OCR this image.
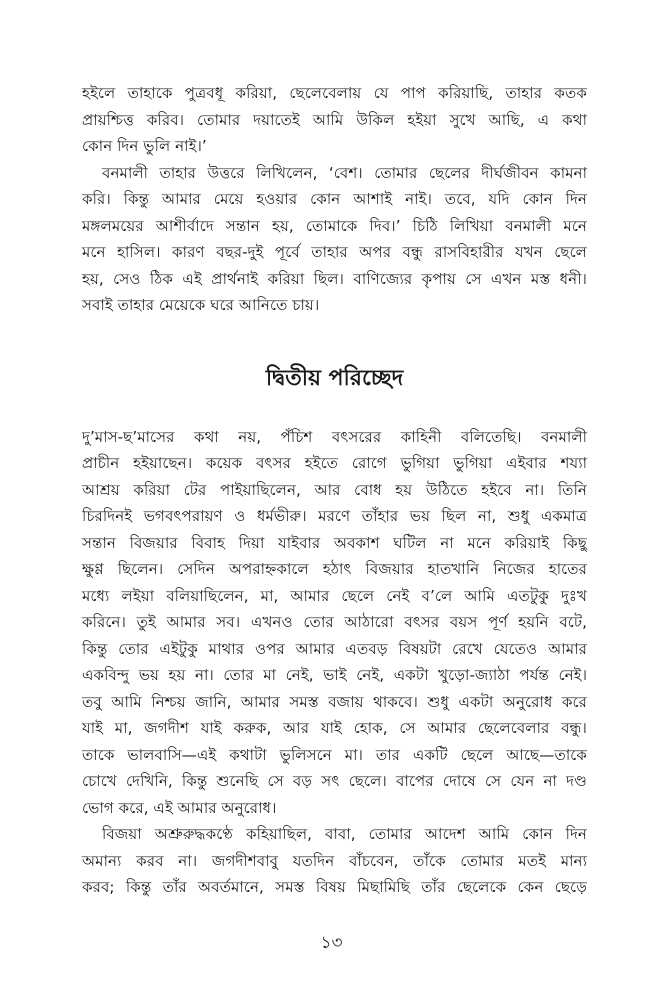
হইলে তাহাকে পুত্রবধূ করিয়া, ছেলেবেলায় যে পাপ করিয়াছি, তাহার কতক
প্রায়শ্চিত্ত করিব। তোমার দয়াতেই আমি উকিল হইয়া সুখে আছি, এ কথা
কোন দিন ভুলি নাই।’

বনমালী তাহার উত্তরে লিখিলেন, ‘বেশ। তোমার ছেলের দীর্ঘজীবন কামনা
করি। কিন্তু আমার মেয়ে হওয়ার কোন আশাই নাই। তবে, যদি কোন দিন
মঙ্গলময়ের আশীর্বাদে সন্তান হয়, তোমাকে দিব।’ চিঠি লিখিয়া বনমালী মনে
মনে হাসিল। কারণ বছর-দুই পূর্বে তাহার অপর বন্ধু রাসবিহারীর যখন ছেলে
হয়, সেও ঠিক এই প্রার্থনাই করিয়া ছিল। বাণিজ্যের কৃপায় সে এখন মস্ত ধনী।
সবাই তাহার মেয়েকে ঘরে আনিতে চায়।

দ্বিতীয় পরিচ্ছেদ

দু’মাস-ছ’মাসের কথা নয়, পঁচিশ বৎসরের কাহিনী বলিতেছি। বনমালী
প্রাচীন হইয়াছেন। কয়েক বৎসর হইতে রোগে ভুগিয়া ভুগিয়া এইবার শয্যা
আশ্রয় করিয়া টের পাইয়াছিলেন, আর বোধ হয় উঠিতে হইবে না। তিনি
চিরদিনই ভগবৎপরায়ণ ও ধর্মভীরু। মরণে তাঁহার ভয় ছিল না, শুধু একমাত্র
সন্তান বিজয়ার বিবাহ দিয়া যাইবার অবকাশ ঘটিল না মনে করিয়াই কিছু
ক্ষুণ্ণ ছিলেন। সেদিন অপরাহ্নকালে হঠাৎ বিজয়ার হাতখানি নিজের হাতের
মধ্যে লইয়া বলিয়াছিলেন, মা, আমার ছেলে নেই ব’লে আমি এতটুকু দুঃখ
করিনে। তুই আমার সব। এখনও তোর আঠারো বৎসর বয়স পূর্ণ হয়নি বটে,
কিন্তু তোর এইটুকু মাথার ওপর আমার এতবড় বিষয়টা রেখে যেতেও আমার
একবিন্দু ভয় হয় না। তোর মা নেই, ভাই নেই, একটা খুড়ো-জ্যাঠা পর্যন্ত নেই।
তবু আমি নিশ্চয় জানি, আমার সমস্ত বজায় থাকবে। শুধু একটা অনুরোধ করে
যাই মা, জগদীশ যাই করুক, আর যাই হোক, সে আমার ছেলেবেলার বন্ধু।
তাকে ভালবাসি—এই কথাটা ভুলিসনে মা। তার একটি ছেলে আছে—তাকে
চোখে দেখিনি, কিন্তু শুনেছি সে বড় সৎ ছেলে। বাপের দোষে সে যেন না দণ্ড
ভোগ করে, এই আমার অনুরোধ।

বিজয়া অশ্রুরুদ্ধকণ্ঠে কহিয়াছিল, বাবা, তোমার আদেশ আমি কোন দিন
অমান্য করব না। জগদীশবাবু যতদিন বাঁচবেন, তাঁকে তোমার মতই মান্য
করব; কিন্তু তাঁর অবর্তমানে, সমস্ত বিষয় মিছামিছি তাঁর ছেলেকে কেন ছেড়ে

১৩
